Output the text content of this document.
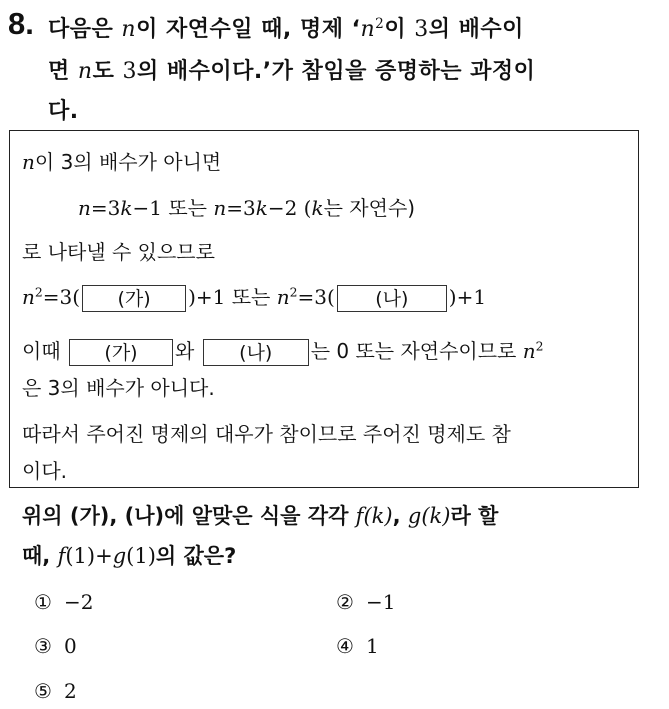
8. 다음은 n이 자연수일 때, 명제 ‘$n^2$이 3의 배수이
면 n도 3의 배수이다.’가 참임을 증명하는 과정이
다.
n이 3의 배수가 아니면
n=3k−1 또는 n=3k−2 (k는 자연수)
로 나타낼 수 있으므로
$n^2=3$( (가) )+1 또는 $n^2=3$( (나) )+1
이때 (가) 와 (나) 는 0 또는 자연수이므로 $n^2$
은 3의 배수가 아니다.
따라서 주어진 명제의 대우가 참이므로 주어진 명제도 참
이다.
위의 (가), (나)에 알맞은 식을 각각 f(k), g(k)라 할
때, f(1)+g(1)의 값은?
① −2	② −1
③ 0	④ 1
⑤ 2
